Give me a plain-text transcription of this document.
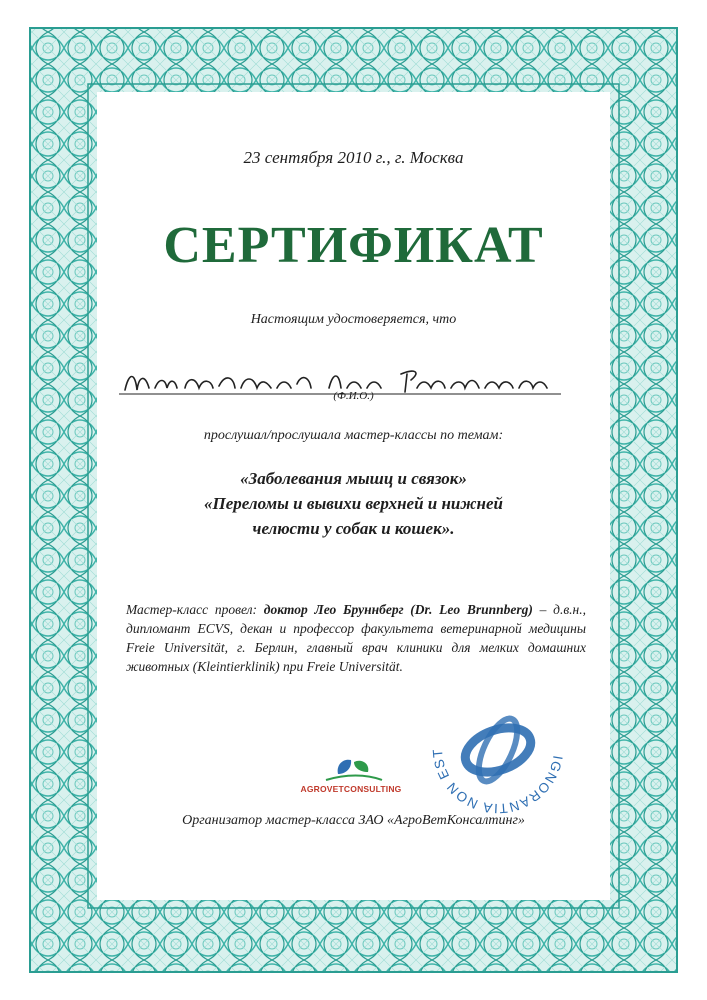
23 сентября 2010 г., г. Москва
СЕРТИФИКАТ
Настоящим удостоверяется, что
(Ф.И.О.)
прослушал/прослушала мастер-классы по темам:
«Заболевания мышц и связок»
«Переломы и вывихи верхней и нижней
челюсти у собак и кошек».
Мастер-класс провел: доктор Лео Бруннберг (Dr. Leo Brunnberg) – д.в.н., дипломант ECVS, декан и профессор факультета ветеринарной медицины Freie Universität, г. Берлин, главный врач клиники для мелких домашних животных (Kleintierklinik) при Freie Universität.
AGROVETCONSULTING
Организатор мастер-класса ЗАО «АгроВетКонсалтинг»
IGNORANTIA NON EST
